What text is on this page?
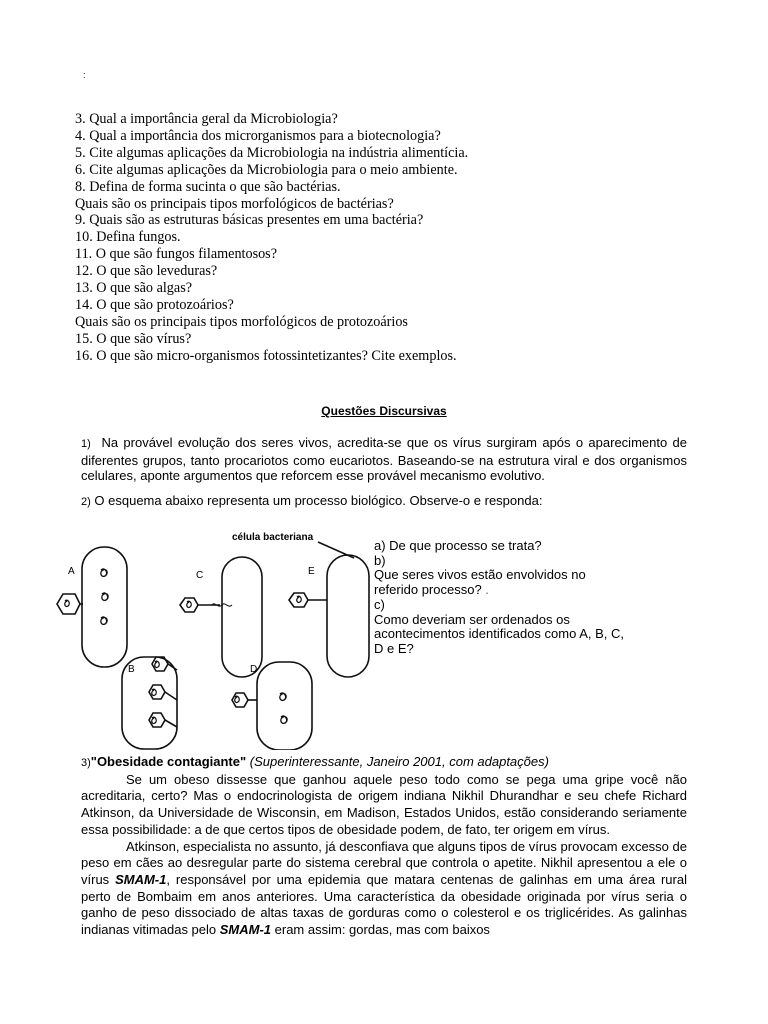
:
3. Qual a importância geral da Microbiologia?
4. Qual a importância dos microrganismos para a biotecnologia?
5. Cite algumas aplicações da Microbiologia na indústria alimentícia.
6. Cite algumas aplicações da Microbiologia para o meio ambiente.
8. Defina de forma sucinta o que são bactérias.
Quais são os principais tipos morfológicos de bactérias?
9. Quais são as estruturas básicas presentes em uma bactéria?
10. Defina fungos.
11. O que são fungos filamentosos?
12. O que são leveduras?
13. O que são algas?
14. O que são protozoários?
Quais são os principais tipos morfológicos de protozoários
15. O que são vírus?
16. O que são micro-organismos fotossintetizantes? Cite exemplos.
Questões Discursivas
1) Na provável evolução dos seres vivos, acredita-se que os vírus surgiram após o aparecimento de diferentes grupos, tanto procariotos como eucariotos. Baseando-se na estrutura viral e dos organismos celulares, aponte argumentos que reforcem esse provável mecanismo evolutivo.
2) O esquema abaixo representa um processo biológico. Observe-o e responda:
célula bacteriana
A	C	E
B	D
a) De que processo se trata?
b)
Que seres vivos estão envolvidos no
referido processo? .
c)
Como deveriam ser ordenados os
acontecimentos identificados como A, B, C,
D e E?
3)"Obesidade contagiante" (Superinteressante, Janeiro 2001, com adaptações)
Se um obeso dissesse que ganhou aquele peso todo como se pega uma gripe você não acreditaria, certo? Mas o endocrinologista de origem indiana Nikhil Dhurandhar e seu chefe Richard Atkinson, da Universidade de Wisconsin, em Madison, Estados Unidos, estão considerando seriamente essa possibilidade: a de que certos tipos de obesidade podem, de fato, ter origem em vírus.
Atkinson, especialista no assunto, já desconfiava que alguns tipos de vírus provocam excesso de peso em cães ao desregular parte do sistema cerebral que controla o apetite. Nikhil apresentou a ele o vírus SMAM-1, responsável por uma epidemia que matara centenas de galinhas em uma área rural perto de Bombaim em anos anteriores. Uma característica da obesidade originada por vírus seria o ganho de peso dissociado de altas taxas de gorduras como o colesterol e os triglicérides. As galinhas indianas vitimadas pelo SMAM-1 eram assim: gordas, mas com baixos
